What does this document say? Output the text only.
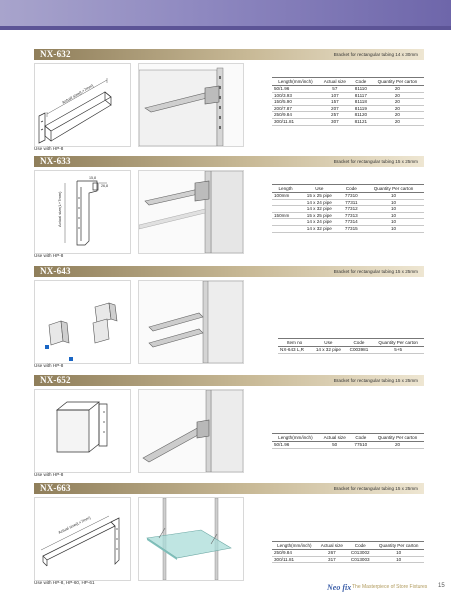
NX-632	Bracket for rectangular tubing 14 x 30mm
Actual size(L+7mm)
Use with HP-8
Length(mm/inch)	Actual size	Code	Quantity Per carton
50/1.96	57	81110	20
100/3.93	107	81117	20
150/5.90	157	81118	20
200/7.87	207	81119	20
250/9.84	257	81120	20
300/11.81	307	81121	20
NX-633	Bracket for rectangular tubing 15 x 25mm
Actual size(L+7mm)
15,8
26,8
Use with HP-8
Length	Use	Code	Quantity Per carton
100mm	15 x 25 pipe	77310	10
	14 x 24 pipe	77311	10
	14 x 32 pipe	77312	10
150mm	15 x 25 pipe	77313	10
	14 x 24 pipe	77314	10
	14 x 32 pipe	77315	10
NX-643	Bracket for rectangular tubing 15 x 25mm
Use with HP-8
Item no	Use	Code	Quantity Per carton
NX-643 L,R	14 x 32 pipe	C003981	5+5
NX-652	Bracket for rectangular tubing 15 x 25mm
Use with HP-8
Length(mm/inch)	Actual size	Code	Quantity Per carton
50/1.96	50	77510	20
NX-663	Bracket for rectangular tubing 15 x 25mm
Actual size(L+7mm)
Use with HP-8, HP-60, HP-61
Length(mm/inch)	Actual size	Code	Quantity Per carton
250/9.84	267	C013002	10
300/11.81	317	C013003	10
Neo fix The Masterpiece of Store Fixtures 15
